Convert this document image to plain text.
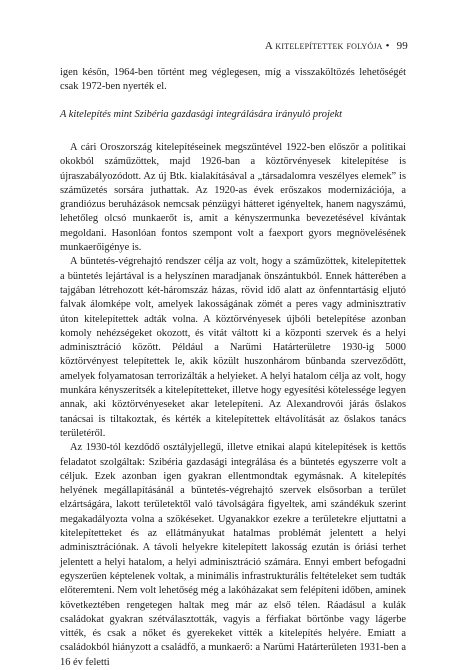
A kitelepítettek folyója • 99

igen későn, 1964-ben történt meg véglegesen, míg a visszaköltözés lehetőségét csak 1972-ben nyerték el.

A kitelepítés mint Szibéria gazdasági integrálására irányuló projekt

A cári Oroszország kitelepítéseinek megszűntével 1922-ben először a politikai okokból száműzöttek, majd 1926-ban a köztörvényesek kitelepítése is újraszabályozódott. Az új Btk. kialakításával a „társadalomra veszélyes elemek” is száműzetés sorsára juthattak. Az 1920-as évek erőszakos modernizációja, a grandiózus beruházások nemcsak pénzügyi hátteret igényeltek, hanem nagyszámú, lehetőleg olcsó munkaerőt is, amit a kényszermunka bevezetésével kívántak megoldani. Hasonlóan fontos szempont volt a faexport gyors megnövelésének munkaerőigénye is.

A büntetés-végrehajtó rendszer célja az volt, hogy a száműzöttek, kitelepítettek a büntetés lejártával is a helyszínen maradjanak önszántukból. Ennek hátterében a tajgában létrehozott két-háromszáz házas, rövid idő alatt az önfenntartásig eljutó falvak álomképe volt, amelyek lakosságának zömét a peres vagy adminisztratív úton kitelepítettek adták volna. A köztörvényesek újbóli betelepítése azonban komoly nehézségeket okozott, és vitát váltott ki a központi szervek és a helyi adminisztráció között. Például a Narümi Határterületre 1930-ig 5000 köztörvényest telepítettek le, akik közült huszonhárom bűnbanda szerveződött, amelyek folyamatosan terrorizálták a helyieket. A helyi hatalom célja az volt, hogy munkára kényszerítsék a kitelepítetteket, illetve hogy egyesítési kötelessége legyen annak, aki köztörvényeseket akar letelepíteni. Az Alexandrovói járás őslakos tanácsai is tiltakoztak, és kérték a kitelepítettek eltávolítását az őslakos tanács területéről.

Az 1930-tól kezdődő osztályjellegű, illetve etnikai alapú kitelepítések is kettős feladatot szolgáltak: Szibéria gazdasági integrálása és a büntetés egyszerre volt a céljuk. Ezek azonban igen gyakran ellentmondtak egymásnak. A kitelepítés helyének megállapításánál a büntetés-végrehajtó szervek elsősorban a terület elzártságára, lakott területektől való távolságára figyeltek, ami szándékuk szerint megakadályozta volna a szökéseket. Ugyanakkor ezekre a területekre eljuttatni a kitelepítetteket és az ellátmányukat hatalmas problémát jelentett a helyi adminisztrációnak. A távoli helyekre kitelepített lakosság ezután is óriási terhet jelentett a helyi hatalom, a helyi adminisztráció számára. Ennyi embert befogadni egyszerűen képtelenek voltak, a minimális infrastrukturális feltételeket sem tudták előteremteni. Nem volt lehetőség még a lakóházakat sem felépíteni időben, aminek következtében rengetegen haltak meg már az első télen. Ráadásul a kulák családokat gyakran szétválasztották, vagyis a férfiakat börtönbe vagy lágerbe vitték, és csak a nőket és gyerekeket vitték a kitelepítés helyére. Emiatt a családokból hiányzott a családfő, a munkaerő: a Narümi Határterületen 1931-ben a 16 év feletti
